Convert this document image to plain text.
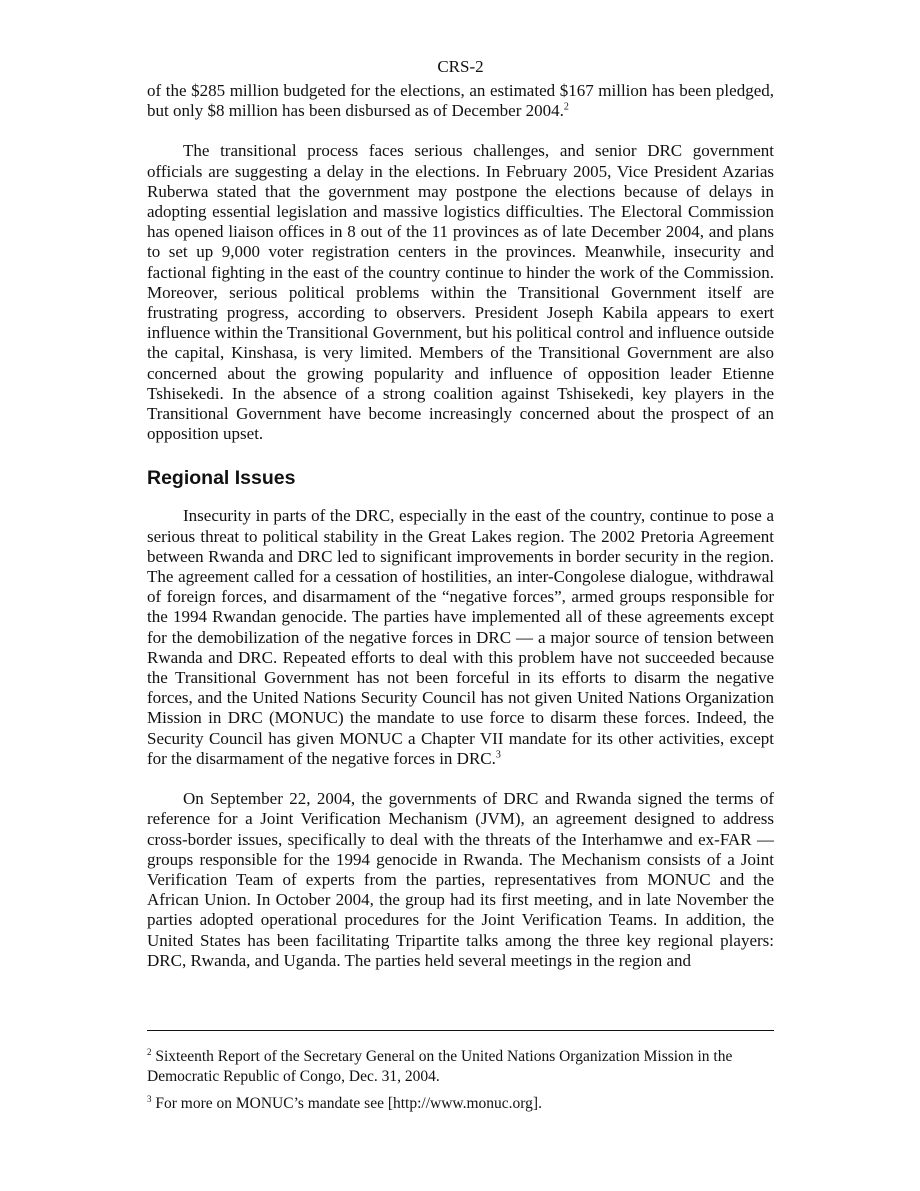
CRS-2

of the $285 million budgeted for the elections, an estimated $167 million has been pledged, but only $8 million has been disbursed as of December 2004.$^2$

The transitional process faces serious challenges, and senior DRC government officials are suggesting a delay in the elections. In February 2005, Vice President Azarias Ruberwa stated that the government may postpone the elections because of delays in adopting essential legislation and massive logistics difficulties. The Electoral Commission has opened liaison offices in 8 out of the 11 provinces as of late December 2004, and plans to set up 9,000 voter registration centers in the provinces. Meanwhile, insecurity and factional fighting in the east of the country continue to hinder the work of the Commission. Moreover, serious political problems within the Transitional Government itself are frustrating progress, according to observers. President Joseph Kabila appears to exert influence within the Transitional Government, but his political control and influence outside the capital, Kinshasa, is very limited. Members of the Transitional Government are also concerned about the growing popularity and influence of opposition leader Etienne Tshisekedi. In the absence of a strong coalition against Tshisekedi, key players in the Transitional Government have become increasingly concerned about the prospect of an opposition upset.

Regional Issues

Insecurity in parts of the DRC, especially in the east of the country, continue to pose a serious threat to political stability in the Great Lakes region. The 2002 Pretoria Agreement between Rwanda and DRC led to significant improvements in border security in the region. The agreement called for a cessation of hostilities, an inter-Congolese dialogue, withdrawal of foreign forces, and disarmament of the “negative forces”, armed groups responsible for the 1994 Rwandan genocide. The parties have implemented all of these agreements except for the demobilization of the negative forces in DRC — a major source of tension between Rwanda and DRC. Repeated efforts to deal with this problem have not succeeded because the Transitional Government has not been forceful in its efforts to disarm the negative forces, and the United Nations Security Council has not given United Nations Organization Mission in DRC (MONUC) the mandate to use force to disarm these forces. Indeed, the Security Council has given MONUC a Chapter VII mandate for its other activities, except for the disarmament of the negative forces in DRC.$^3$

On September 22, 2004, the governments of DRC and Rwanda signed the terms of reference for a Joint Verification Mechanism (JVM), an agreement designed to address cross-border issues, specifically to deal with the threats of the Interhamwe and ex-FAR — groups responsible for the 1994 genocide in Rwanda. The Mechanism consists of a Joint Verification Team of experts from the parties, representatives from MONUC and the African Union. In October 2004, the group had its first meeting, and in late November the parties adopted operational procedures for the Joint Verification Teams. In addition, the United States has been facilitating Tripartite talks among the three key regional players: DRC, Rwanda, and Uganda. The parties held several meetings in the region and

$^2$ Sixteenth Report of the Secretary General on the United Nations Organization Mission in the Democratic Republic of Congo, Dec. 31, 2004.

$^3$ For more on MONUC’s mandate see [http://www.monuc.org].
